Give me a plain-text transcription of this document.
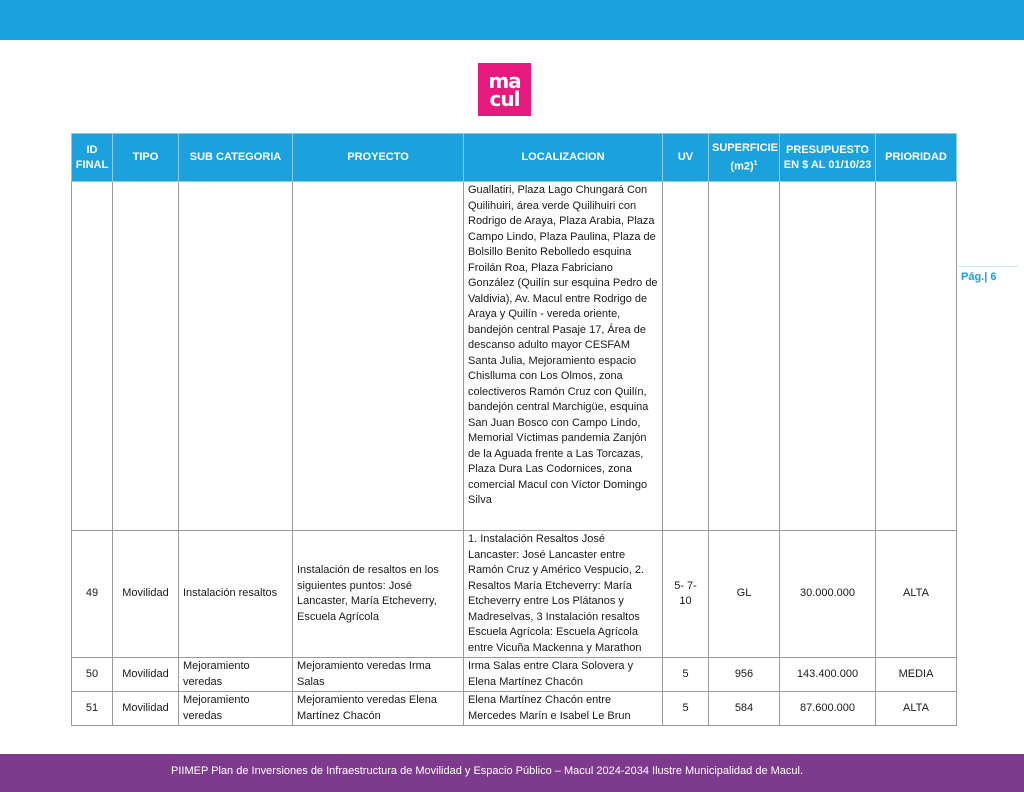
ma
cul
Pág.| 6
ID FINAL	TIPO	SUB CATEGORIA	PROYECTO	LOCALIZACION	UV	SUPERFICIE $(m2)^1$	PRESUPUESTO EN $ AL 01/10/23	PRIORIDAD
				Guallatiri, Plaza Lago Chungará Con Quilihuiri, área verde Quilihuiri con Rodrigo de Araya, Plaza Arabia, Plaza Campo Lindo, Plaza Paulina, Plaza de Bolsillo Benito Rebolledo esquina Froilán Roa, Plaza Fabriciano González (Quilín sur esquina Pedro de Valdivia), Av. Macul entre Rodrigo de Araya y Quilín - vereda oriente, bandejón central Pasaje 17, Área de descanso adulto mayor CESFAM Santa Julia, Mejoramiento espacio Chislluma con Los Olmos, zona colectiveros Ramón Cruz con Quilín, bandejón central Marchigüe, esquina San Juan Bosco con Campo Lindo, Memorial Víctimas pandemia Zanjón de la Aguada frente a Las Torcazas, Plaza Dura Las Codornices, zona comercial Macul con Víctor Domingo Silva				
49	Movilidad	Instalación resaltos	Instalación de resaltos en los siguientes puntos: José Lancaster, María Etcheverry, Escuela Agrícola	1. Instalación Resaltos José Lancaster: José Lancaster entre Ramón Cruz y Américo Vespucio, 2. Resaltos María Etcheverry: María Etcheverry entre Los Plátanos y Madreselvas, 3 Instalación resaltos Escuela Agrícola: Escuela Agrícola entre Vicuña Mackenna y Marathon	5- 7- 10	GL	30.000.000	ALTA
50	Movilidad	Mejoramiento veredas	Mejoramiento veredas Irma Salas	Irma Salas entre Clara Solovera y Elena Martínez Chacón	5	956	143.400.000	MEDIA
51	Movilidad	Mejoramiento veredas	Mejoramiento veredas Elena Martínez Chacón	Elena Martínez Chacón entre Mercedes Marín e Isabel Le Brun	5	584	87.600.000	ALTA
PIIMEP Plan de Inversiones de Infraestructura de Movilidad y Espacio Público – Macul 2024-2034 Ilustre Municipalidad de Macul.
